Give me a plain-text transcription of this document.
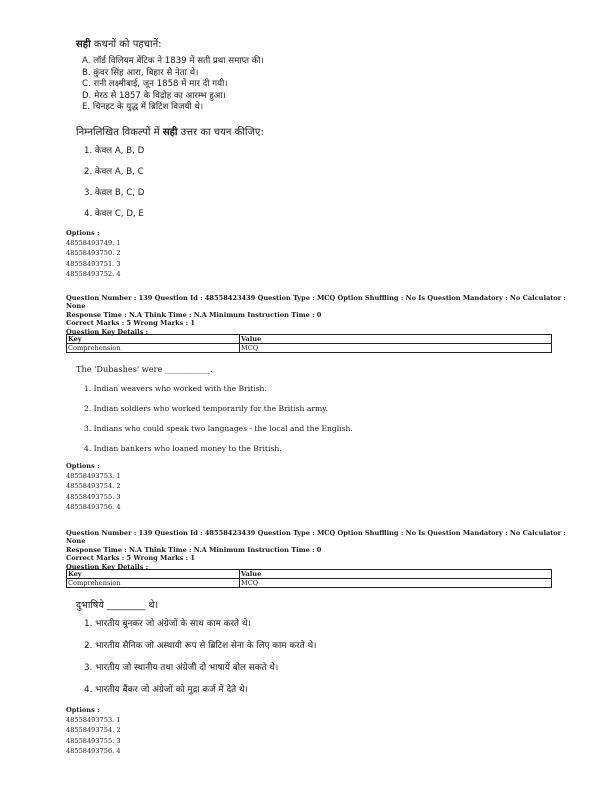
सही कथनों को पहचानें:
A. लॉर्ड विलियम बेंटिक ने 1839 में सती प्रथा समाप्त की।
B. कुंवर सिंह आरा, बिहार से नेता थे।
C. रानी लक्ष्मीबाई, जून 1858 में मार दी गयी।
D. मेरठ से 1857 के विद्रोह का आरम्भ हुआ।
E. चिनहट के युद्ध में ब्रिटिश विजयी थे।
निम्नलिखित विकल्पों में सही उत्तर का चयन कीजिए:
1. केवल A, B, D
2. केवल A, B, C
3. केवल B, C, D
4. केवल C, D, E
Options :
48558493749. 1
48558493750. 2
48558493751. 3
48558493752. 4
Question Number : 139 Question Id : 48558423439 Question Type : MCQ Option Shuffling : No Is Question Mandatory : No Calculator : None
Response Time : N.A Think Time : N.A Minimum Instruction Time : 0
Correct Marks : 5 Wrong Marks : 1
Question Key Details :
Key	Value
Comprehension	MCQ
The 'Dubashes' were ___________.
1. Indian weavers who worked with the British.
2. Indian soldiers who worked temporarily for the British army.
3. Indians who could speak two languages - the local and the English.
4. Indian bankers who loaned money to the British.
Options :
48558493753. 1
48558493754. 2
48558493755. 3
48558493756. 4
Question Number : 139 Question Id : 48558423439 Question Type : MCQ Option Shuffling : No Is Question Mandatory : No Calculator : None
Response Time : N.A Think Time : N.A Minimum Instruction Time : 0
Correct Marks : 5 Wrong Marks : 1
Question Key Details :
Key	Value
Comprehension	MCQ
दुभाषिये ________ थे।
1. भारतीय बुनकर जो अंग्रेजों के साथ काम करते थे।
2. भारतीय सैनिक जो अस्थायी रूप से ब्रिटिश सेना के लिए काम करते थे।
3. भारतीय जो स्थानीय तथा अंग्रेजी दो भाषायें बोल सकते थे।
4. भारतीय बैंकर जो अंग्रेजों को मुद्रा कर्ज में देते थे।
Options :
48558493753. 1
48558493754. 2
48558493755. 3
48558493756. 4
